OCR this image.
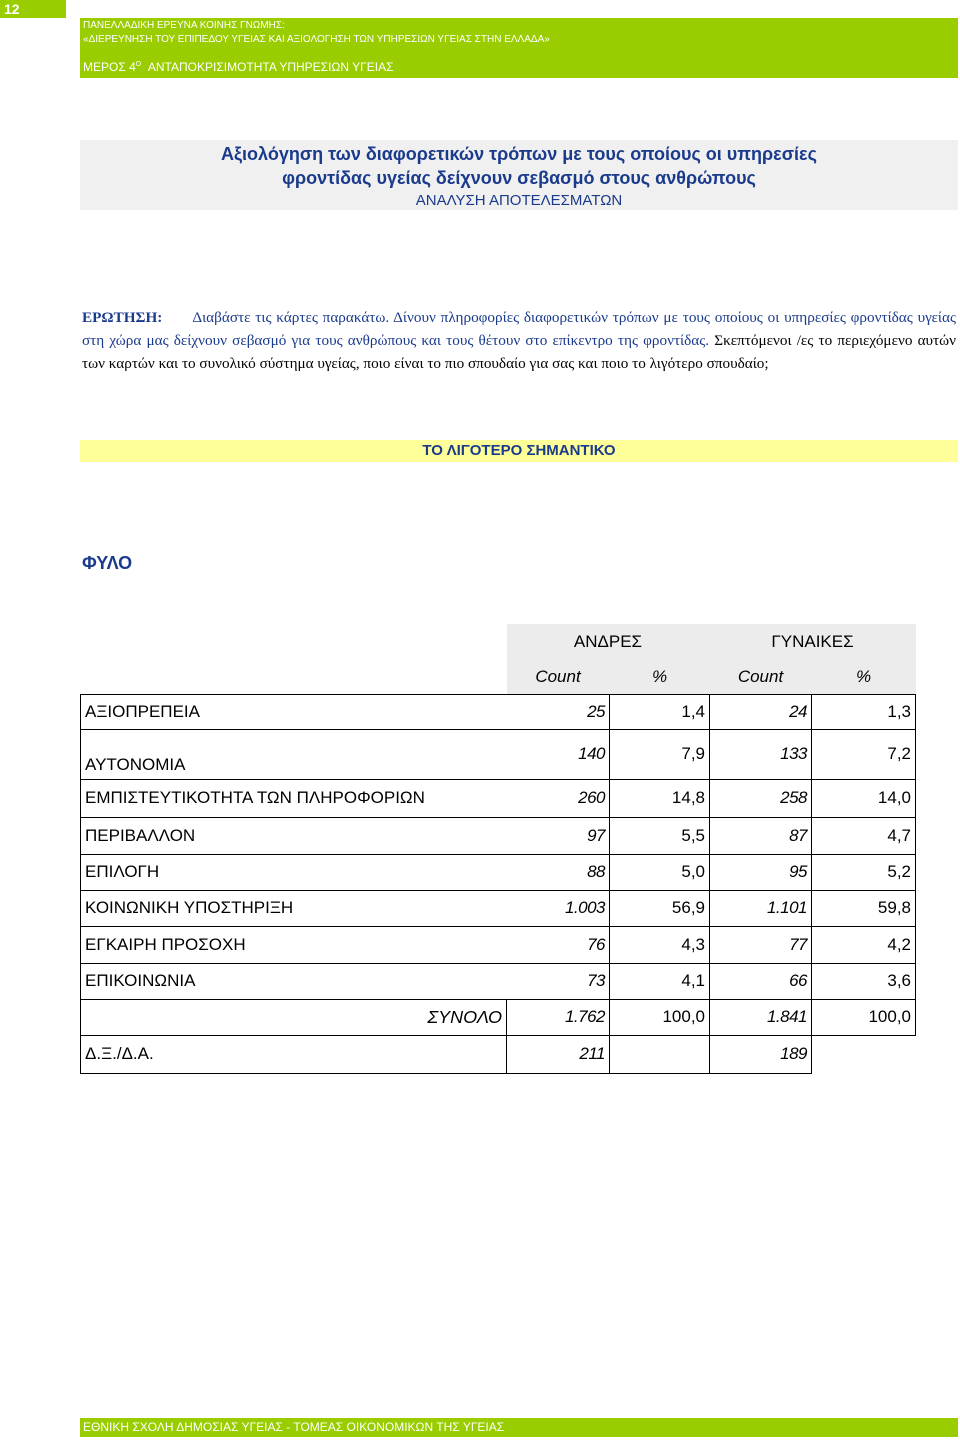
12
ΠΑΝΕΛΛΑΔΙΚΗ ΕΡΕΥΝΑ ΚΟΙΝΗΣ ΓΝΩΜΗΣ:
«ΔΙΕΡΕΥΝΗΣΗ ΤΟΥ ΕΠΙΠΕΔΟΥ ΥΓΕΙΑΣ ΚΑΙ ΑΞΙΟΛΟΓΗΣΗ ΤΩΝ ΥΠΗΡΕΣΙΩΝ ΥΓΕΙΑΣ ΣΤΗΝ ΕΛΛΑΔΑ»
ΜΕΡΟΣ $4^O$ ΑΝΤΑΠΟΚΡΙΣΙΜΟΤΗΤΑ ΥΠΗΡΕΣΙΩΝ ΥΓΕΙΑΣ
Αξιολόγηση των διαφορετικών τρόπων με τους οποίους οι υπηρεσίες
φροντίδας υγείας δείχνουν σεβασμό στους ανθρώπους
ΑΝΑΛΥΣΗ ΑΠΟΤΕΛΕΣΜΑΤΩΝ
ΕΡΩΤΗΣΗ: Διαβάστε τις κάρτες παρακάτω. Δίνουν πληροφορίες διαφορετικών τρόπων με τους οποίους οι υπηρεσίες φροντίδας υγείας στη χώρα μας δείχνουν σεβασμό για τους ανθρώπους και τους θέτουν στο επίκεντρο της φροντίδας. Σκεπτόμενοι /ες το περιεχόμενο αυτών των καρτών και το συνολικό σύστημα υγείας, ποιο είναι το πιο σπουδαίο για σας και ποιο το λιγότερο σπουδαίο;
ΤΟ ΛΙΓΟΤΕΡΟ ΣΗΜΑΝΤΙΚΟ
ΦΥΛΟ
	ΑΝΔΡΕΣ		ΓΥΝΑΙΚΕΣ	
	Count	%	Count	%
ΑΞΙΟΠΡΕΠΕΙΑ	25	1,4	24	1,3
ΑΥΤΟΝΟΜΙΑ	140	7,9	133	7,2
ΕΜΠΙΣΤΕΥΤΙΚΟΤΗΤΑ ΤΩΝ ΠΛΗΡΟΦΟΡΙΩΝ	260	14,8	258	14,0
ΠΕΡΙΒΑΛΛΟΝ	97	5,5	87	4,7
ΕΠΙΛΟΓΗ	88	5,0	95	5,2
ΚΟΙΝΩΝΙΚΗ ΥΠΟΣΤΗΡΙΞΗ	1.003	56,9	1.101	59,8
ΕΓΚΑΙΡΗ ΠΡΟΣΟΧΗ	76	4,3	77	4,2
ΕΠΙΚΟΙΝΩΝΙΑ	73	4,1	66	3,6
ΣΥΝΟΛΟ	1.762	100,0	1.841	100,0
Δ.Ξ./Δ.Α.	211		189	
ΕΘΝΙΚΗ ΣΧΟΛΗ ΔΗΜΟΣΙΑΣ ΥΓΕΙΑΣ - ΤΟΜΕΑΣ ΟΙΚΟΝΟΜΙΚΩΝ ΤΗΣ ΥΓΕΙΑΣ
